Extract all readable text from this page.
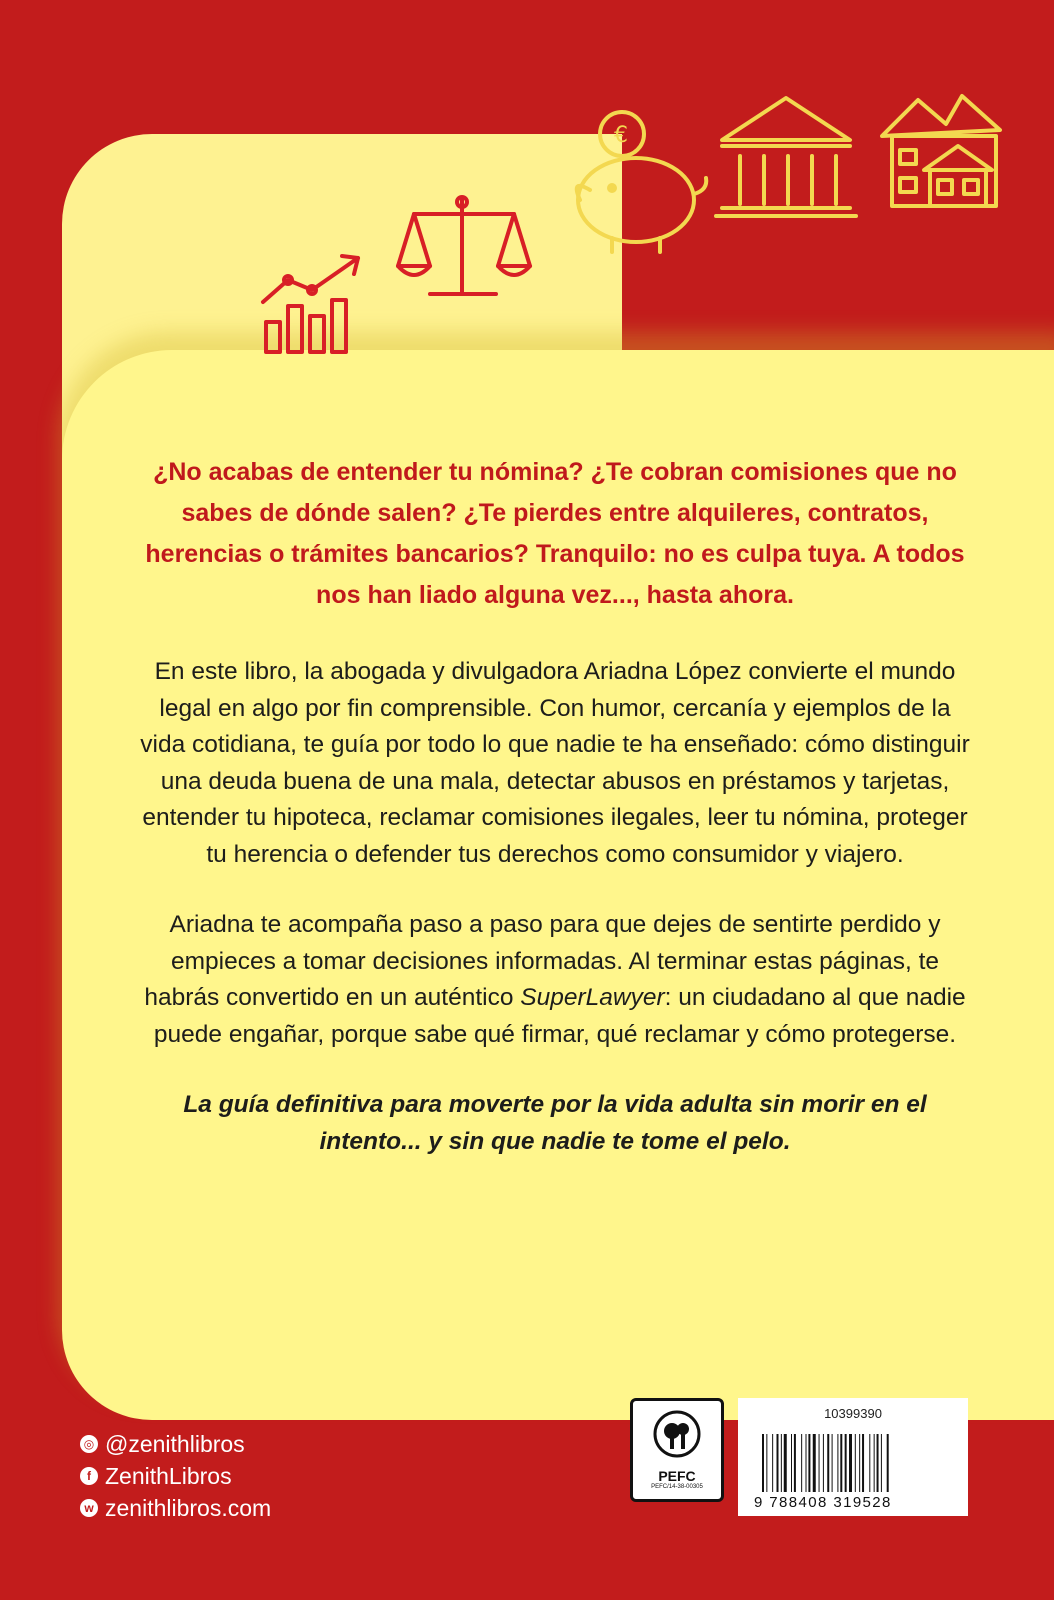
€

¿No acabas de entender tu nómina? ¿Te cobran comisiones que no sabes de dónde salen? ¿Te pierdes entre alquileres, contratos, herencias o trámites bancarios? Tranquilo: no es culpa tuya. A todos nos han liado alguna vez..., hasta ahora.

En este libro, la abogada y divulgadora Ariadna López convierte el mundo legal en algo por fin comprensible. Con humor, cercanía y ejemplos de la vida cotidiana, te guía por todo lo que nadie te ha enseñado: cómo distinguir una deuda buena de una mala, detectar abusos en préstamos y tarjetas, entender tu hipoteca, reclamar comisiones ilegales, leer tu nómina, proteger tu herencia o defender tus derechos como consumidor y viajero.

Ariadna te acompaña paso a paso para que dejes de sentirte perdido y empieces a tomar decisiones informadas. Al terminar estas páginas, te habrás convertido en un auténtico SuperLawyer: un ciudadano al que nadie puede engañar, porque sabe qué firmar, qué reclamar y cómo protegerse.

La guía definitiva para moverte por la vida adulta sin morir en el intento... y sin que nadie te tome el pelo.

◎ @zenithlibros
f ZenithLibros
w zenithlibros.com
PEFC
PEFC/14-38-00305
10399390
9 788408 319528
